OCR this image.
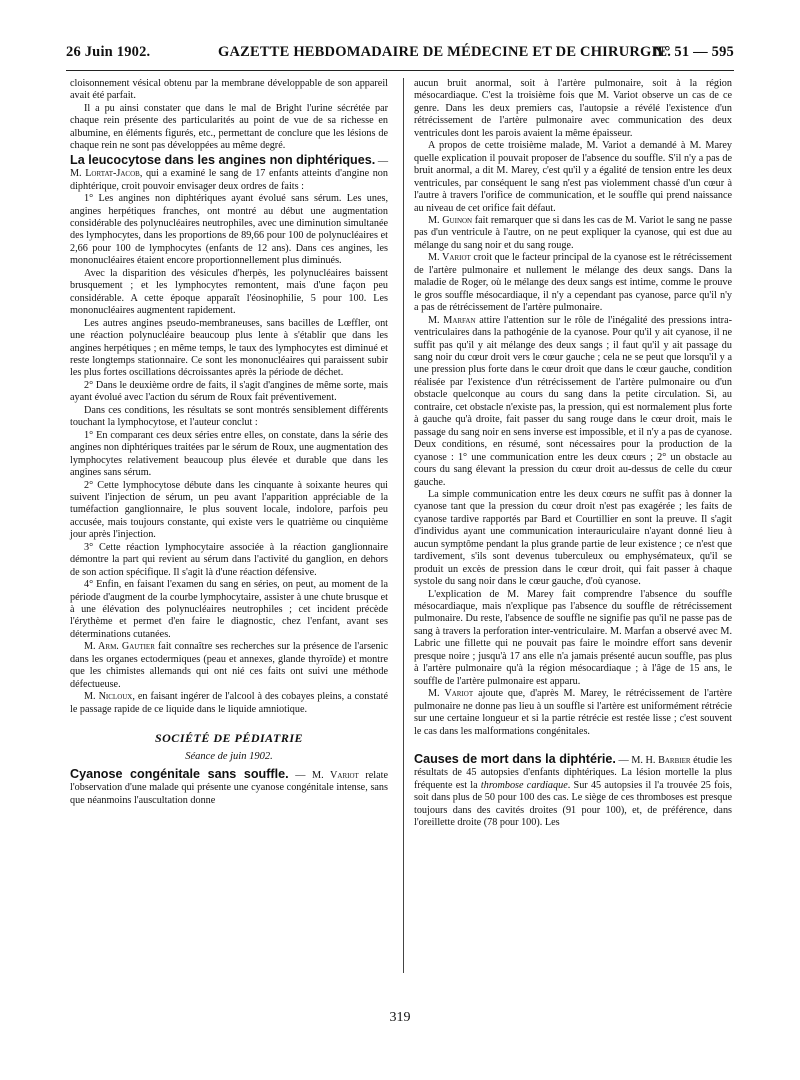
26 Juin 1902.	GAZETTE HEBDOMADAIRE DE MÉDECINE ET DE CHIRURGIE.
N° 51 — 595

cloisonnement vésical obtenu par la membrane développable de son appareil avait été parfait.

Il a pu ainsi constater que dans le mal de Bright l'urine sécrétée par chaque rein présente des particularités au point de vue de sa richesse en albumine, en éléments figurés, etc., permettant de conclure que les lésions de chaque rein ne sont pas développées au même degré.

La leucocytose dans les angines non diphtériques. — M. Lortat-Jacob, qui a examiné le sang de 17 enfants atteints d'angine non diphtérique, croit pouvoir envisager deux ordres de faits :

1° Les angines non diphtériques ayant évolué sans sérum. Les unes, angines herpétiques franches, ont montré au début une augmentation considérable des polynucléaires neutrophiles, avec une diminution simultanée des lymphocytes, dans les proportions de 89,66 pour 100 de polynucléaires et 2,66 pour 100 de lymphocytes (enfants de 12 ans). Dans ces angines, les mononucléaires étaient encore proportionnellement plus diminués.

Avec la disparition des vésicules d'herpès, les polynucléaires baissent brusquement ; et les lymphocytes remontent, mais d'une façon peu considérable. A cette époque apparaît l'éosinophilie, 5 pour 100. Les mononucléaires augmentent rapidement.

Les autres angines pseudo-membraneuses, sans bacilles de Lœffler, ont une réaction polynucléaire beaucoup plus lente à s'établir que dans les angines herpétiques ; en même temps, le taux des lymphocytes est diminué et reste longtemps stationnaire. Ce sont les mononucléaires qui paraissent subir les plus fortes oscillations décroissantes après la période de déchet.

2° Dans le deuxième ordre de faits, il s'agit d'angines de même sorte, mais ayant évolué avec l'action du sérum de Roux fait préventivement.

Dans ces conditions, les résultats se sont montrés sensiblement différents touchant la lymphocytose, et l'auteur conclut :

1° En comparant ces deux séries entre elles, on constate, dans la série des angines non diphtériques traitées par le sérum de Roux, une augmentation des lymphocytes relativement beaucoup plus élevée et durable que dans les angines sans sérum.

2° Cette lymphocytose débute dans les cinquante à soixante heures qui suivent l'injection de sérum, un peu avant l'apparition appréciable de la tuméfaction ganglionnaire, le plus souvent locale, indolore, parfois peu accusée, mais toujours constante, qui existe vers le quatrième ou cinquième jour après l'injection.

3° Cette réaction lymphocytaire associée à la réaction ganglionnaire démontre la part qui revient au sérum dans l'activité du ganglion, en dehors de son action spécifique. Il s'agit là d'une réaction défensive.

4° Enfin, en faisant l'examen du sang en séries, on peut, au moment de la période d'augment de la courbe lymphocytaire, assister à une chute brusque et à une élévation des polynucléaires neutrophiles ; cet incident précède l'érythème et permet d'en faire le diagnostic, chez l'enfant, avant ses déterminations cutanées.

M. Arm. Gautier fait connaître ses recherches sur la présence de l'arsenic dans les organes ectodermiques (peau et annexes, glande thyroïde) et montre que les chimistes allemands qui ont nié ces faits ont suivi une méthode défectueuse.

M. Nicloux, en faisant ingérer de l'alcool à des cobayes pleins, a constaté le passage rapide de ce liquide dans le liquide amniotique.

SOCIÉTÉ DE PÉDIATRIE
Séance de juin 1902.

Cyanose congénitale sans souffle. — M. Variot relate l'observation d'une malade qui présente une cyanose congénitale intense, sans que néanmoins l'auscultation donne

aucun bruit anormal, soit à l'artère pulmonaire, soit à la région mésocardiaque. C'est la troisième fois que M. Variot observe un cas de ce genre. Dans les deux premiers cas, l'autopsie a révélé l'existence d'un rétrécissement de l'artère pulmonaire avec communication des deux ventricules dont les parois avaient la même épaisseur.

A propos de cette troisième malade, M. Variot a demandé à M. Marey quelle explication il pouvait proposer de l'absence du souffle. S'il n'y a pas de bruit anormal, a dit M. Marey, c'est qu'il y a égalité de tension entre les deux ventricules, par conséquent le sang n'est pas violemment chassé d'un cœur à l'autre à travers l'orifice de communication, et le souffle qui prend naissance au niveau de cet orifice fait défaut.

M. Guinon fait remarquer que si dans les cas de M. Variot le sang ne passe pas d'un ventricule à l'autre, on ne peut expliquer la cyanose, qui est due au mélange du sang noir et du sang rouge.

M. Variot croit que le facteur principal de la cyanose est le rétrécissement de l'artère pulmonaire et nullement le mélange des deux sangs. Dans la maladie de Roger, où le mélange des deux sangs est intime, comme le prouve le gros souffle mésocardiaque, il n'y a cependant pas cyanose, parce qu'il n'y a pas de rétrécissement de l'artère pulmonaire.

M. Marfan attire l'attention sur le rôle de l'inégalité des pressions intra-ventriculaires dans la pathogénie de la cyanose. Pour qu'il y ait cyanose, il ne suffit pas qu'il y ait mélange des deux sangs ; il faut qu'il y ait passage du sang noir du cœur droit vers le cœur gauche ; cela ne se peut que lorsqu'il y a une pression plus forte dans le cœur droit que dans le cœur gauche, condition réalisée par l'existence d'un rétrécissement de l'artère pulmonaire ou d'un obstacle quelconque au cours du sang dans la petite circulation. Si, au contraire, cet obstacle n'existe pas, la pression, qui est normalement plus forte à gauche qu'à droite, fait passer du sang rouge dans le cœur droit, mais le passage du sang noir en sens inverse est impossible, et il n'y a pas de cyanose. Deux conditions, en résumé, sont nécessaires pour la production de la cyanose : 1° une communication entre les deux cœurs ; 2° un obstacle au cours du sang élevant la pression du cœur droit au-dessus de celle du cœur gauche.

La simple communication entre les deux cœurs ne suffit pas à donner la cyanose tant que la pression du cœur droit n'est pas exagérée ; les faits de cyanose tardive rapportés par Bard et Courtillier en sont la preuve. Il s'agit d'individus ayant une communication interauriculaire n'ayant donné lieu à aucun symptôme pendant la plus grande partie de leur existence ; ce n'est que tardivement, s'ils sont devenus tuberculeux ou emphysémateux, qu'il se produit un excès de pression dans le cœur droit, qui fait passer à chaque systole du sang noir dans le cœur gauche, d'où cyanose.

L'explication de M. Marey fait comprendre l'absence du souffle mésocardiaque, mais n'explique pas l'absence du souffle de rétrécissement pulmonaire. Du reste, l'absence de souffle ne signifie pas qu'il ne passe pas de sang à travers la perforation inter-ventriculaire. M. Marfan a observé avec M. Labric une fillette qui ne pouvait pas faire le moindre effort sans devenir presque noire ; jusqu'à 17 ans elle n'a jamais présenté aucun souffle, pas plus à l'artère pulmonaire qu'à la région mésocardiaque ; à l'âge de 15 ans, le souffle de l'artère pulmonaire est apparu.

M. Variot ajoute que, d'après M. Marey, le rétrécissement de l'artère pulmonaire ne donne pas lieu à un souffle si l'artère est uniformément rétrécie sur une certaine longueur et si la partie rétrécie est restée lisse ; c'est souvent le cas dans les malformations congénitales.

Causes de mort dans la diphtérie. — M. H. Barbier étudie les résultats de 45 autopsies d'enfants diphtériques. La lésion mortelle la plus fréquente est la thrombose cardiaque. Sur 45 autopsies il l'a trouvée 25 fois, soit dans plus de 50 pour 100 des cas. Le siège de ces thromboses est presque toujours dans des cavités droites (91 pour 100), et, de préférence, dans l'oreillette droite (78 pour 100). Les

319
